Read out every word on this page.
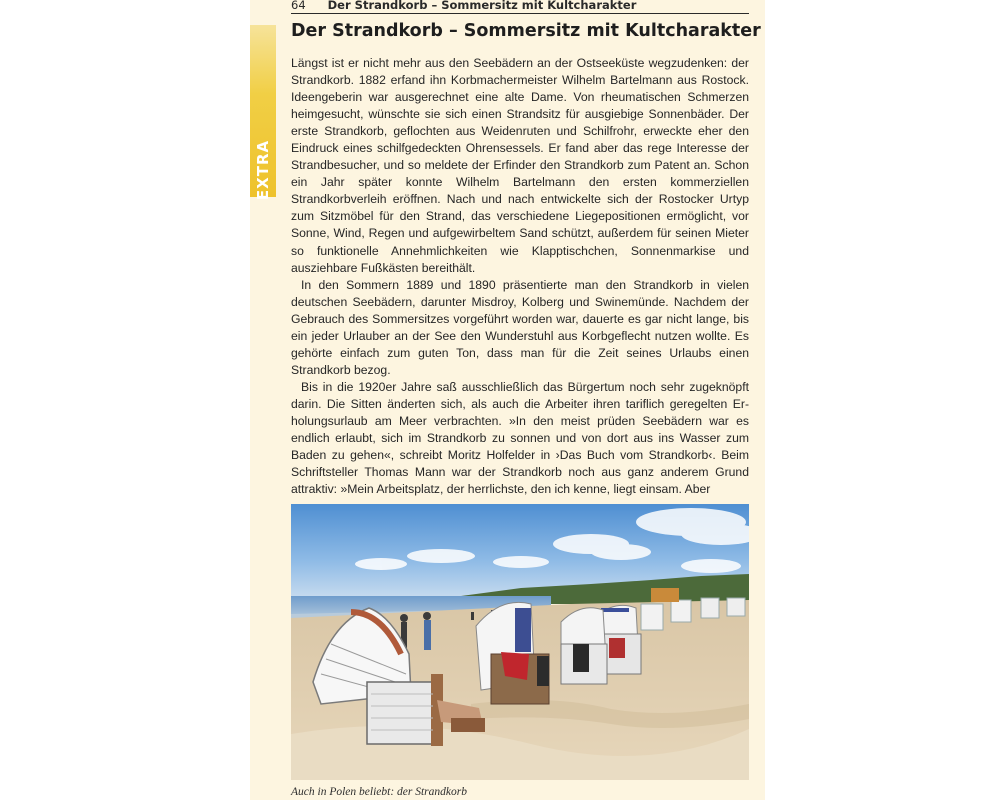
EXTRA
64 Der Strandkorb – Sommersitz mit Kultcharakter
Der Strandkorb – Sommersitz mit Kultcharakter

Längst ist er nicht mehr aus den Seebädern an der Ostseeküste wegzudenken: der Strandkorb. 1882 erfand ihn Korbmachermeister Wilhelm Bartelmann aus Rostock. Ideengeberin war ausgerechnet eine alte Dame. Von rheumatischen Schmerzen heimgesucht, wünschte sie sich einen Strandsitz für ausgiebige Sonnenbäder. Der erste Strandkorb, geflochten aus Weidenruten und Schilfrohr, erweckte eher den Eindruck eines schilfgedeckten Ohrensessels. Er fand aber das rege Interesse der Strandbesucher, und so meldete der Erfinder den Strandkorb zum Patent an. Schon ein Jahr später konnte Wilhelm Bartelmann den ersten kommerziellen Strandkorbverleih eröffnen. Nach und nach entwickelte sich der Rostocker Urtyp zum Sitzmöbel für den Strand, das verschiedene Liegepositionen ermöglicht, vor Sonne, Wind, Regen und aufgewirbeltem Sand schützt, außerdem für seinen Mieter so funktionelle Annehmlichkeiten wie Klapptischchen, Sonnenmarkise und ausziehbare Fußkästen bereithält.

In den Sommern 1889 und 1890 präsentierte man den Strandkorb in vielen deutschen Seebädern, darunter Misdroy, Kolberg und Swinemünde. Nachdem der Gebrauch des Sommersitzes vorgeführt worden war, dauerte es gar nicht lange, bis ein jeder Urlauber an der See den Wunderstuhl aus Korbgeflecht nutzen wollte. Es gehörte einfach zum guten Ton, dass man für die Zeit seines Urlaubs einen Strandkorb bezog.

Bis in die 1920er Jahre saß ausschließlich das Bürgertum noch sehr zugeknöpft darin. Die Sitten änderten sich, als auch die Arbeiter ihren tariflich geregelten Erholungsurlaub am Meer verbrachten. »In den meist prüden Seebädern war es endlich erlaubt, sich im Strandkorb zu sonnen und von dort aus ins Wasser zum Baden zu gehen«, schreibt Moritz Holfelder in ›Das Buch vom Strandkorb‹. Beim Schriftsteller Thomas Mann war der Strandkorb noch aus ganz anderem Grund attraktiv: »Mein Arbeitsplatz, der herrlichste, den ich kenne, liegt einsam. Aber

Auch in Polen beliebt: der Strandkorb
